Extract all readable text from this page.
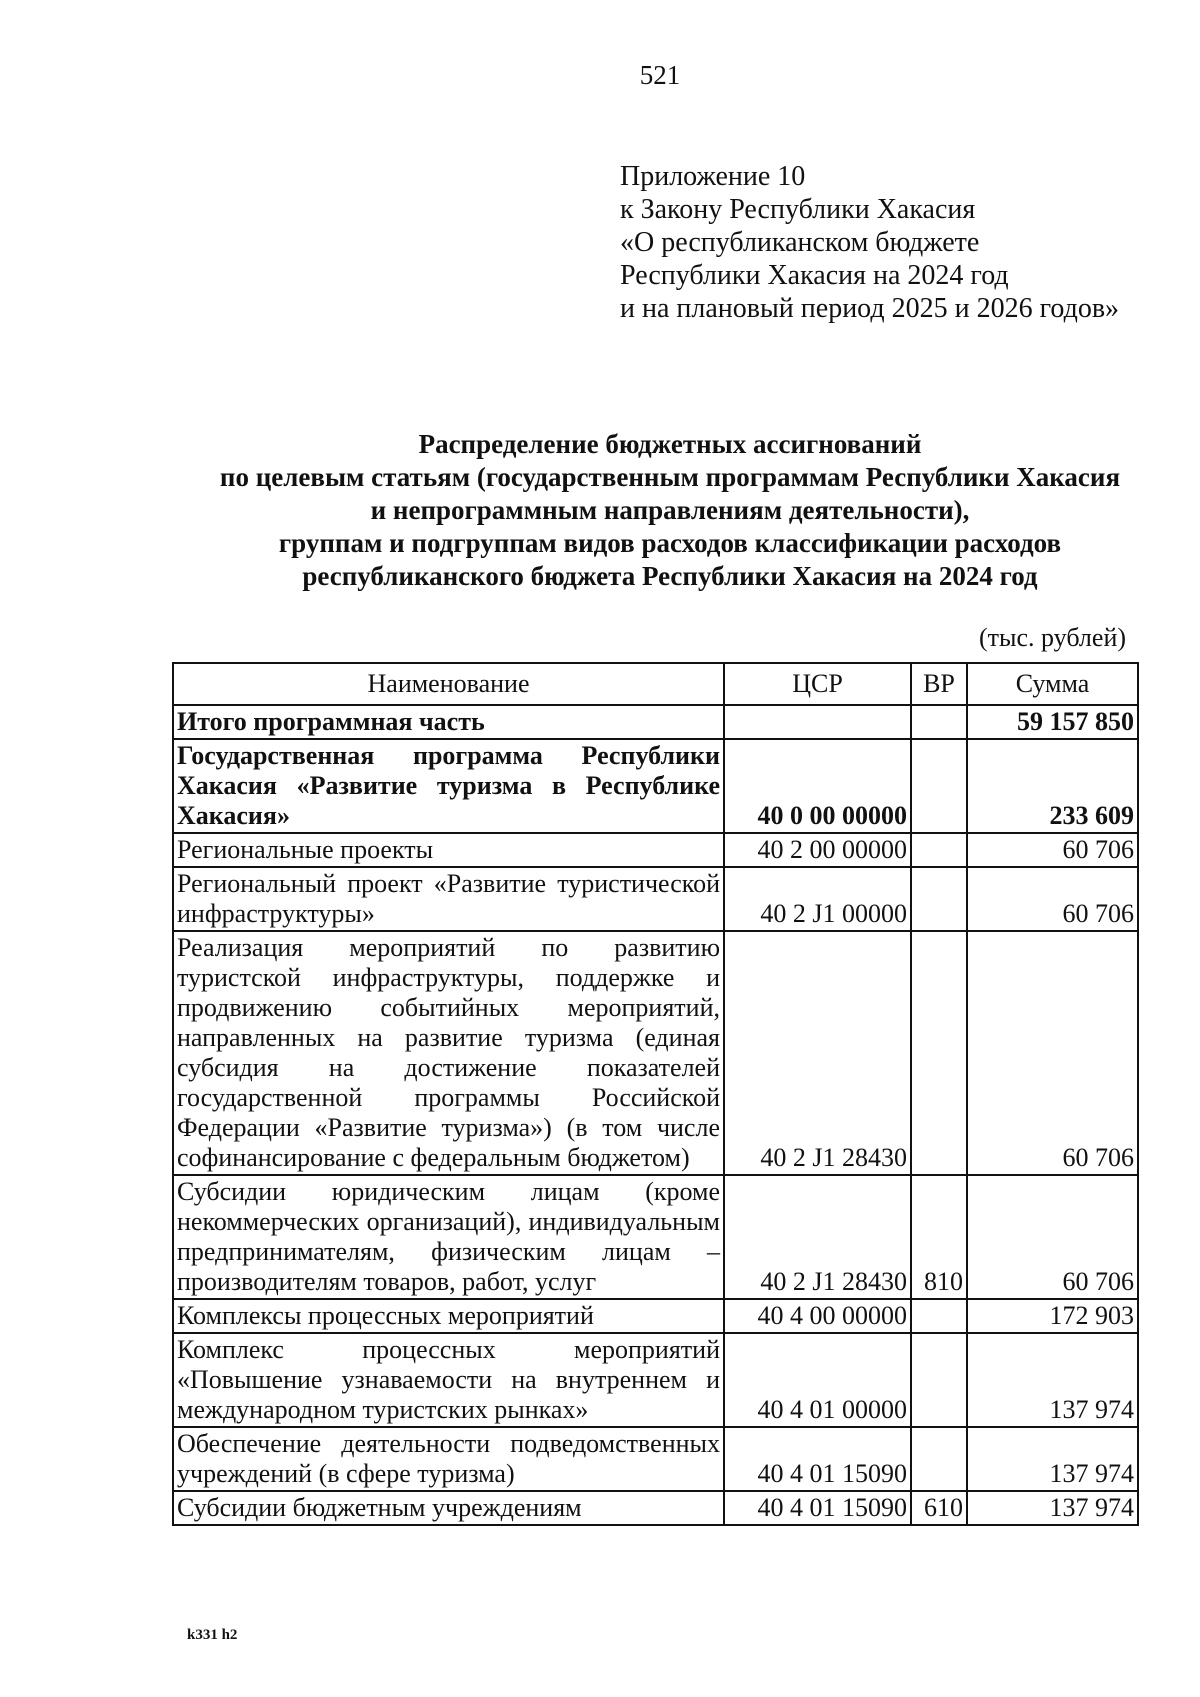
521
Приложение 10
к Закону Республики Хакасия
«О республиканском бюджете
Республики Хакасия на 2024 год
и на плановый период 2025 и 2026 годов»
Распределение бюджетных ассигнований
по целевым статьям (государственным программам Республики Хакасия
и непрограммным направлениям деятельности),
группам и подгруппам видов расходов классификации расходов
республиканского бюджета Республики Хакасия на 2024 год
(тыс. рублей)
Наименование	ЦСР	ВР	Сумма
Итого программная часть			59 157 850
Государственная программа Республики Хакасия «Развитие туризма в Республике Хакасия»	40 0 00 00000		233 609
Региональные проекты	40 2 00 00000		60 706
Региональный проект «Развитие туристической инфраструктуры»	40 2 J1 00000		60 706
Реализация мероприятий по развитию туристской инфраструктуры, поддержке и продвижению событийных мероприятий, направленных на развитие туризма (единая субсидия на достижение показателей государственной программы Российской Федерации «Развитие туризма») (в том числе софинансирование с федеральным бюджетом)	40 2 J1 28430		60 706
Субсидии юридическим лицам (кроме некоммерческих организаций), индивидуальным предпринимателям, физическим лицам – производителям товаров, работ, услуг	40 2 J1 28430	810	60 706
Комплексы процессных мероприятий	40 4 00 00000		172 903
Комплекс процессных мероприятий «Повышение узнаваемости на внутреннем и международном туристских рынках»	40 4 01 00000		137 974
Обеспечение деятельности подведомственных учреждений (в сфере туризма)	40 4 01 15090		137 974
Субсидии бюджетным учреждениям	40 4 01 15090	610	137 974
k331 h2
